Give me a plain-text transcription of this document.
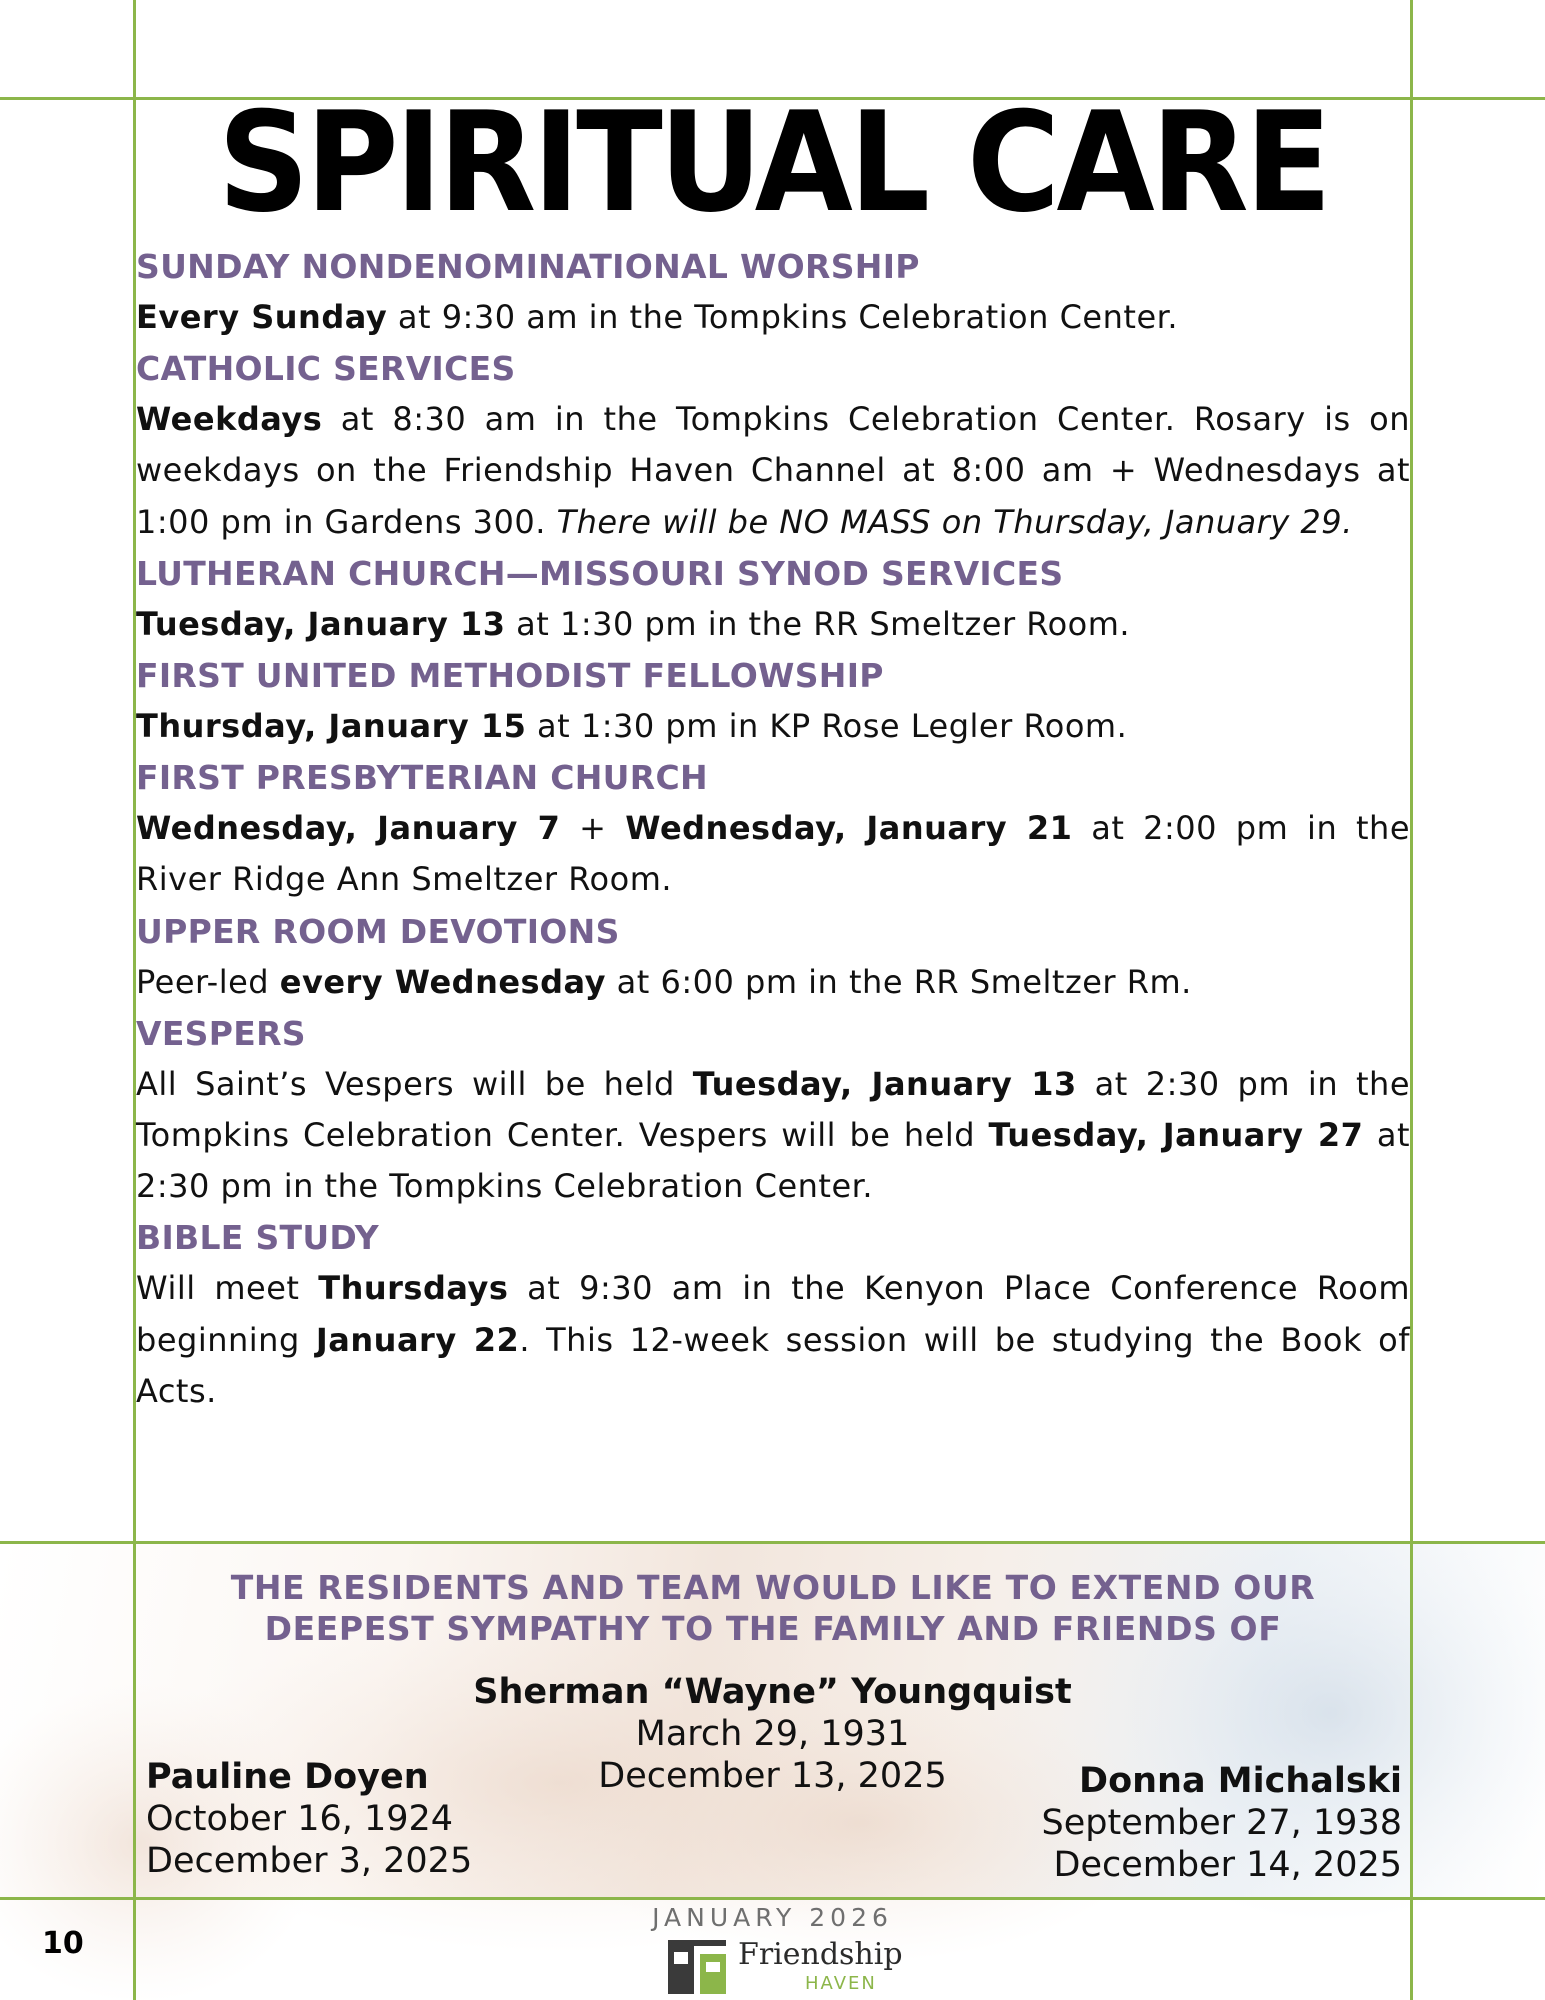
SPIRITUAL CARE
SUNDAY NONDENOMINATIONAL WORSHIP
Every Sunday at 9:30 am in the Tompkins Celebration Center.
CATHOLIC SERVICES
Weekdays at 8:30 am in the Tompkins Celebration Center. Rosary is on weekdays on the Friendship Haven Channel at 8:00 am + Wednesdays at 1:00 pm in Gardens 300. There will be NO MASS on Thursday, January 29.
LUTHERAN CHURCH—MISSOURI SYNOD SERVICES
Tuesday, January 13 at 1:30 pm in the RR Smeltzer Room.
FIRST UNITED METHODIST FELLOWSHIP
Thursday, January 15 at 1:30 pm in KP Rose Legler Room.
FIRST PRESBYTERIAN CHURCH
Wednesday, January 7 + Wednesday, January 21 at 2:00 pm in the River Ridge Ann Smeltzer Room.
UPPER ROOM DEVOTIONS
Peer-led every Wednesday at 6:00 pm in the RR Smeltzer Rm.
VESPERS
All Saint’s Vespers will be held Tuesday, January 13 at 2:30 pm in the Tompkins Celebration Center. Vespers will be held Tuesday, January 27 at 2:30 pm in the Tompkins Celebration Center.
BIBLE STUDY
Will meet Thursdays at 9:30 am in the Kenyon Place Conference Room beginning January 22. This 12-week session will be studying the Book of Acts.
THE RESIDENTS AND TEAM WOULD LIKE TO EXTEND OUR
DEEPEST SYMPATHY TO THE FAMILY AND FRIENDS OF
Sherman “Wayne” Youngquist
March 29, 1931
December 13, 2025
Pauline Doyen
October 16, 1924
December 3, 2025
Donna Michalski
September 27, 1938
December 14, 2025
10
JANUARY 2026
Friendship
HAVEN
